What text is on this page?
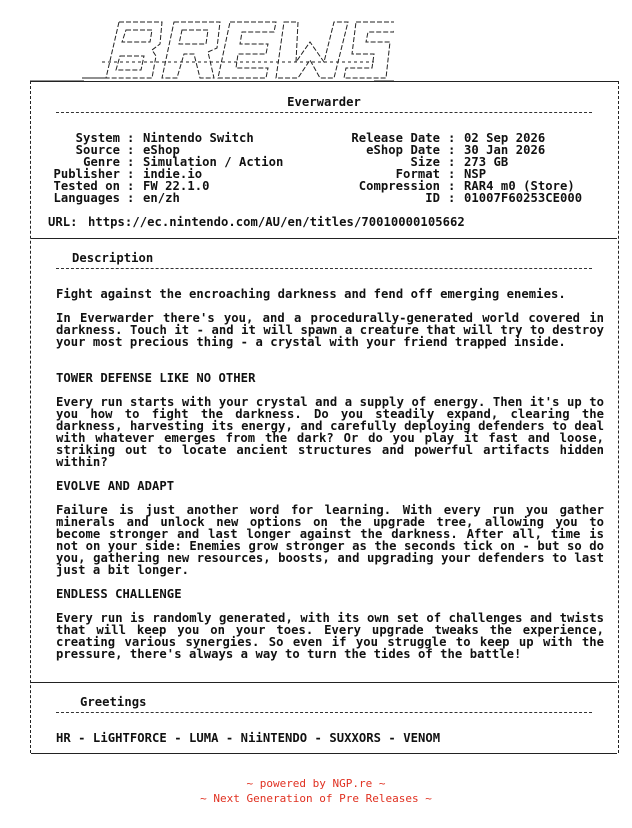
Everwarder
System
Source
Genre
Publisher
Tested on
Languages
:
:
:
:
:
:
Nintendo Switch
eShop
Simulation / Action
indie.io
FW 22.1.0
en/zh
Release Date
eShop Date
Size
Format
Compression
ID
:
:
:
:
:
:
02 Sep 2026
30 Jan 2026
273 GB
NSP
RAR4 m0 (Store)
01007F60253CE000
URL: https://ec.nintendo.com/AU/en/titles/70010000105662
Description
Fight against the encroaching darkness and fend off emerging enemies.
In Everwarder there's you, and a procedurally-generated world covered in darkness. Touch it - and it will spawn a creature that will try to destroy your most precious thing - a crystal with your friend trapped inside.
TOWER DEFENSE LIKE NO OTHER
Every run starts with your crystal and a supply of energy. Then it's up to you how to fight the darkness. Do you steadily expand, clearing the darkness, harvesting its energy, and carefully deploying defenders to deal with whatever emerges from the dark? Or do you play it fast and loose, striking out to locate ancient structures and powerful artifacts hidden within?
EVOLVE AND ADAPT
Failure is just another word for learning. With every run you gather minerals and unlock new options on the upgrade tree, allowing you to become stronger and last longer against the darkness. After all, time is not on your side: Enemies grow stronger as the seconds tick on - but so do you, gathering new resources, boosts, and upgrading your defenders to last just a bit longer.
ENDLESS CHALLENGE
Every run is randomly generated, with its own set of challenges and twists that will keep you on your toes. Every upgrade tweaks the experience, creating various synergies. So even if you struggle to keep up with the pressure, there's always a way to turn the tides of the battle!
Greetings
HR - LiGHTFORCE - LUMA - NiiNTENDO - SUXXORS - VENOM
~ powered by NGP.re ~
~ Next Generation of Pre Releases ~
